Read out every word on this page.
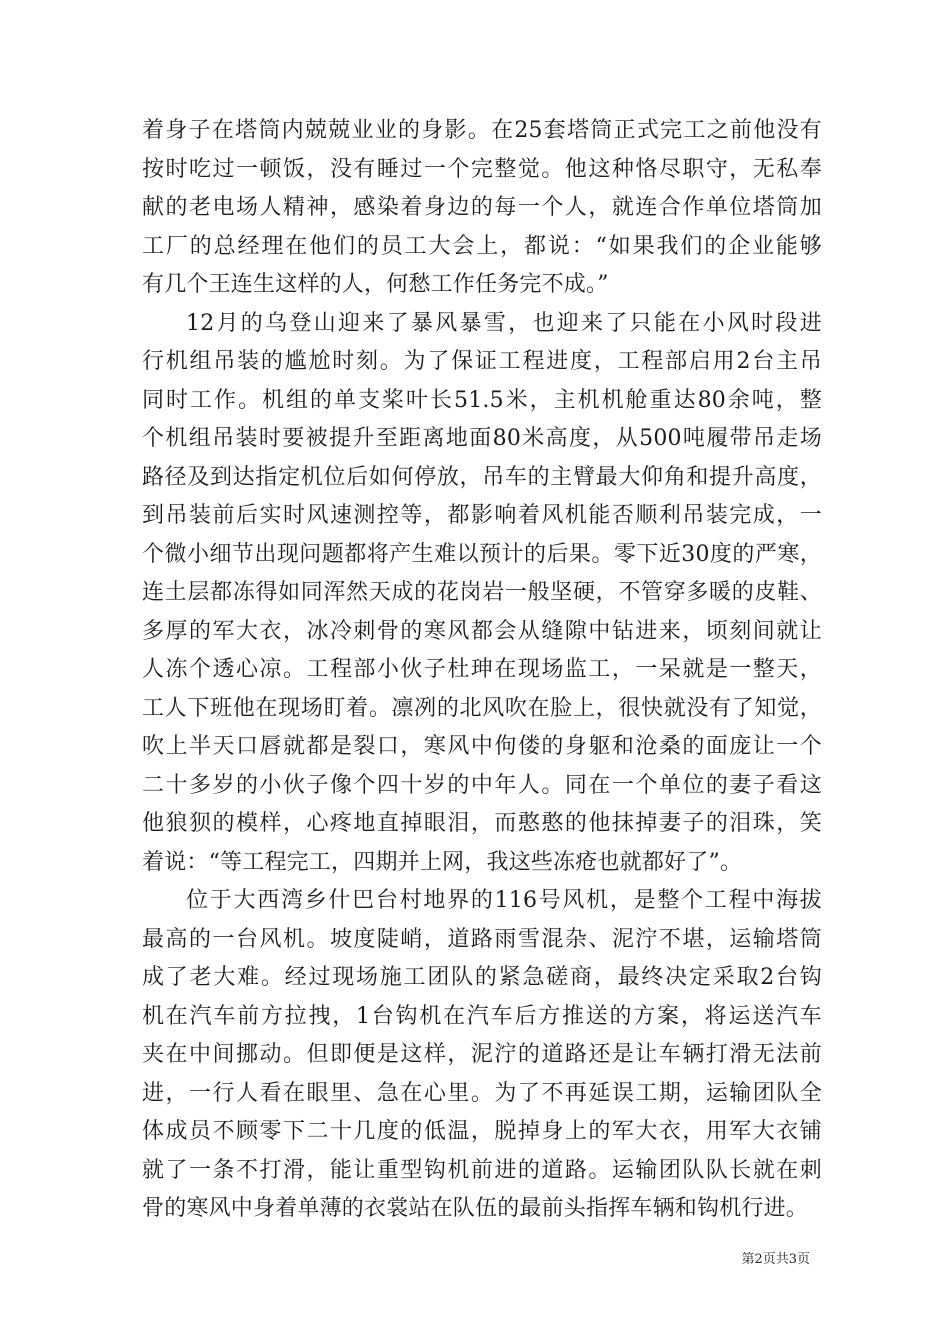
着身子在塔筒内兢兢业业的身影。在25套塔筒正式完工之前他没有
按时吃过一顿饭，没有睡过一个完整觉。他这种恪尽职守，无私奉
献的老电场人精神，感染着身边的每一个人，就连合作单位塔筒加
工厂的总经理在他们的员工大会上，都说：“如果我们的企业能够
有几个王连生这样的人，何愁工作任务完不成。”
12月的乌登山迎来了暴风暴雪，也迎来了只能在小风时段进
行机组吊装的尴尬时刻。为了保证工程进度，工程部启用2台主吊
同时工作。机组的单支桨叶长51.5米，主机机舱重达80余吨，整
个机组吊装时要被提升至距离地面80米高度，从500吨履带吊走场
路径及到达指定机位后如何停放，吊车的主臂最大仰角和提升高度，
到吊装前后实时风速测控等，都影响着风机能否顺利吊装完成，一
个微小细节出现问题都将产生难以预计的后果。零下近30度的严寒，
连土层都冻得如同浑然天成的花岗岩一般坚硬，不管穿多暖的皮鞋、
多厚的军大衣，冰冷刺骨的寒风都会从缝隙中钻进来，顷刻间就让
人冻个透心凉。工程部小伙子杜珅在现场监工，一呆就是一整天，
工人下班他在现场盯着。凛冽的北风吹在脸上，很快就没有了知觉，
吹上半天口唇就都是裂口，寒风中佝偻的身躯和沧桑的面庞让一个
二十多岁的小伙子像个四十岁的中年人。同在一个单位的妻子看这
他狼狈的模样，心疼地直掉眼泪，而憨憨的他抹掉妻子的泪珠，笑
着说：“等工程完工，四期并上网，我这些冻疮也就都好了”。
位于大西湾乡什巴台村地界的116号风机，是整个工程中海拔
最高的一台风机。坡度陡峭，道路雨雪混杂、泥泞不堪，运输塔筒
成了老大难。经过现场施工团队的紧急磋商，最终决定采取2台钩
机在汽车前方拉拽，1台钩机在汽车后方推送的方案，将运送汽车
夹在中间挪动。但即便是这样，泥泞的道路还是让车辆打滑无法前
进，一行人看在眼里、急在心里。为了不再延误工期，运输团队全
体成员不顾零下二十几度的低温，脱掉身上的军大衣，用军大衣铺
就了一条不打滑，能让重型钩机前进的道路。运输团队队长就在刺
骨的寒风中身着单薄的衣裳站在队伍的最前头指挥车辆和钩机行进。
第2页共3页
